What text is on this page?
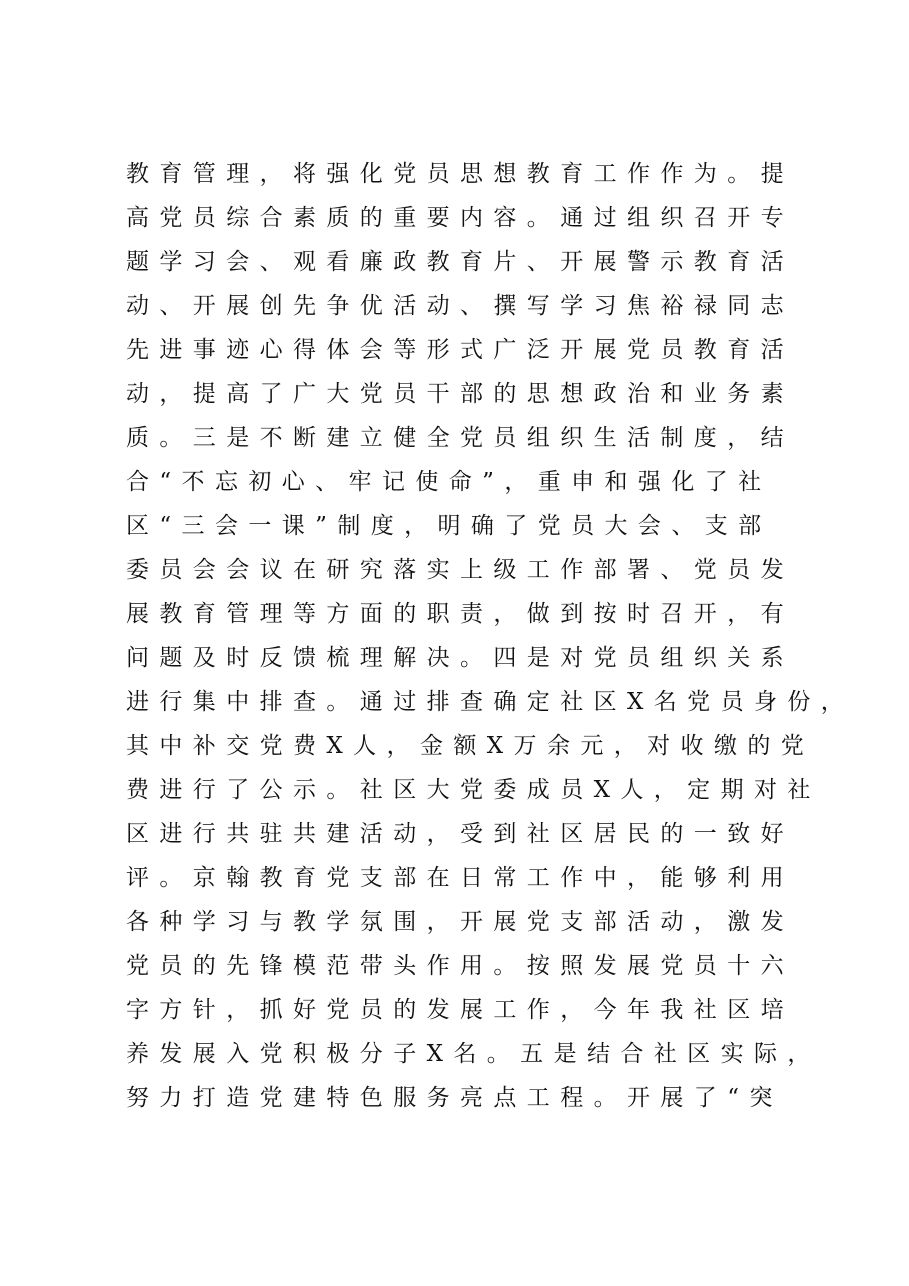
教育管理，将强化党员思想教育工作作为。提
高党员综合素质的重要内容。通过组织召开专
题学习会、观看廉政教育片、开展警示教育活
动、开展创先争优活动、撰写学习焦裕禄同志
先进事迹心得体会等形式广泛开展党员教育活
动，提高了广大党员干部的思想政治和业务素
质。三是不断建立健全党员组织生活制度，结
合“不忘初心、牢记使命”，重申和强化了社
区“三会一课”制度，明确了党员大会、支部
委员会会议在研究落实上级工作部署、党员发
展教育管理等方面的职责，做到按时召开，有
问题及时反馈梳理解决。四是对党员组织关系
进行集中排查。通过排查确定社区X名党员身份，
其中补交党费X人，金额X万余元，对收缴的党
费进行了公示。社区大党委成员X人，定期对社
区进行共驻共建活动，受到社区居民的一致好
评。京翰教育党支部在日常工作中，能够利用
各种学习与教学氛围，开展党支部活动，激发
党员的先锋模范带头作用。按照发展党员十六
字方针，抓好党员的发展工作，今年我社区培
养发展入党积极分子X名。五是结合社区实际，
努力打造党建特色服务亮点工程。开展了“突
